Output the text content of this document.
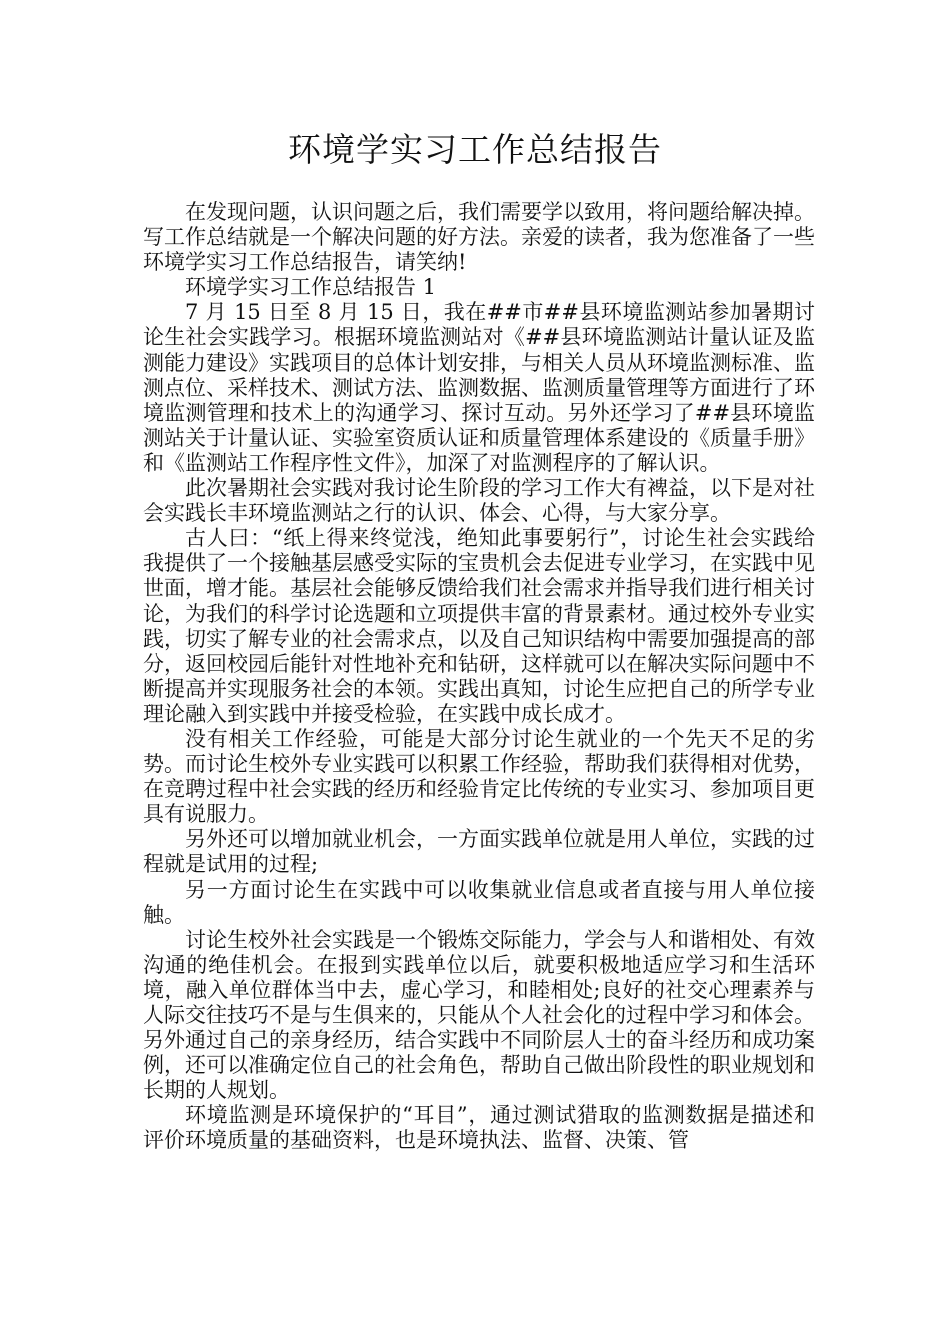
环境学实习工作总结报告

在发现问题，认识问题之后，我们需要学以致用，将问题给解决掉。写工作总结就是一个解决问题的好方法。亲爱的读者，我为您准备了一些环境学实习工作总结报告，请笑纳!

环境学实习工作总结报告 1

7 月 15 日至 8 月 15 日，我在##市##县环境监测站参加暑期讨论生社会实践学习。根据环境监测站对《##县环境监测站计量认证及监测能力建设》实践项目的总体计划安排，与相关人员从环境监测标准、监测点位、采样技术、测试方法、监测数据、监测质量管理等方面进行了环境监测管理和技术上的沟通学习、探讨互动。另外还学习了##县环境监测站关于计量认证、实验室资质认证和质量管理体系建设的《质量手册》和《监测站工作程序性文件》，加深了对监测程序的了解认识。

此次暑期社会实践对我讨论生阶段的学习工作大有裨益，以下是对社会实践长丰环境监测站之行的认识、体会、心得，与大家分享。

古人曰：“纸上得来终觉浅，绝知此事要躬行”，讨论生社会实践给我提供了一个接触基层感受实际的宝贵机会去促进专业学习，在实践中见世面，增才能。基层社会能够反馈给我们社会需求并指导我们进行相关讨论，为我们的科学讨论选题和立项提供丰富的背景素材。通过校外专业实践，切实了解专业的社会需求点，以及自己知识结构中需要加强提高的部分，返回校园后能针对性地补充和钻研，这样就可以在解决实际问题中不断提高并实现服务社会的本领。实践出真知，讨论生应把自己的所学专业理论融入到实践中并接受检验，在实践中成长成才。

没有相关工作经验，可能是大部分讨论生就业的一个先天不足的劣势。而讨论生校外专业实践可以积累工作经验，帮助我们获得相对优势，在竞聘过程中社会实践的经历和经验肯定比传统的专业实习、参加项目更具有说服力。

另外还可以增加就业机会，一方面实践单位就是用人单位，实践的过程就是试用的过程;

另一方面讨论生在实践中可以收集就业信息或者直接与用人单位接触。

讨论生校外社会实践是一个锻炼交际能力，学会与人和谐相处、有效沟通的绝佳机会。在报到实践单位以后，就要积极地适应学习和生活环境，融入单位群体当中去，虚心学习，和睦相处;良好的社交心理素养与人际交往技巧不是与生俱来的，只能从个人社会化的过程中学习和体会。另外通过自己的亲身经历，结合实践中不同阶层人士的奋斗经历和成功案例，还可以准确定位自己的社会角色，帮助自己做出阶段性的职业规划和长期的人规划。

环境监测是环境保护的“耳目”，通过测试猎取的监测数据是描述和评价环境质量的基础资料，也是环境执法、监督、决策、管
